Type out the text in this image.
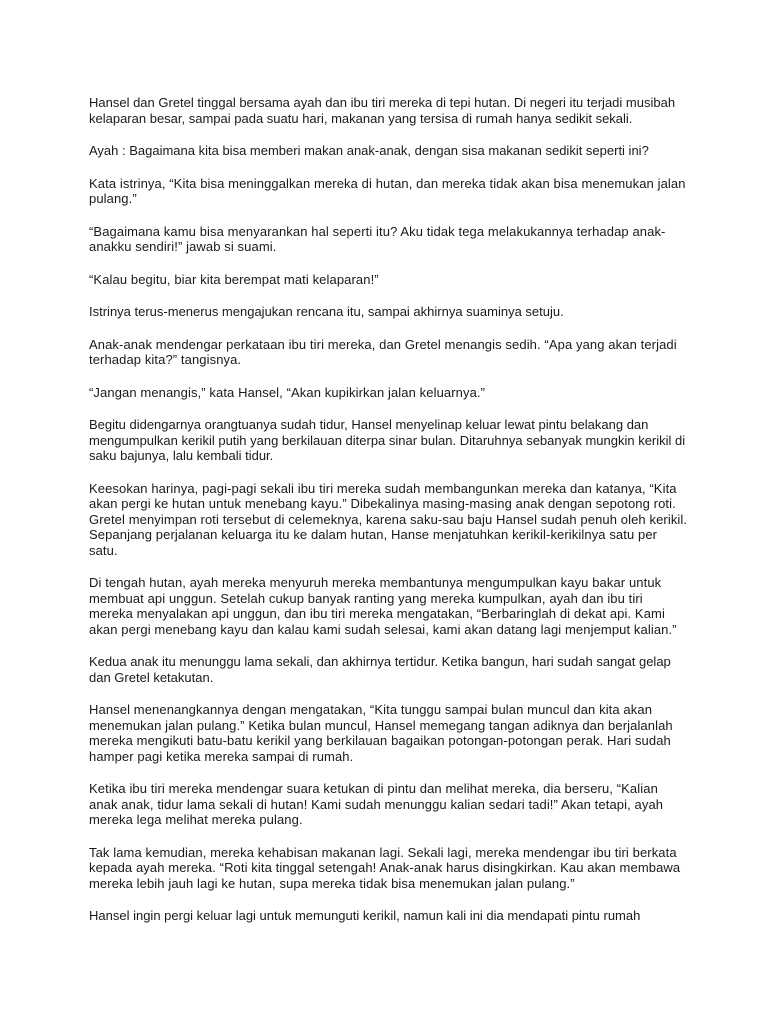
Hansel dan Gretel tinggal bersama ayah dan ibu tiri mereka di tepi hutan. Di negeri itu terjadi musibah kelaparan besar, sampai pada suatu hari, makanan yang tersisa di rumah hanya sedikit sekali.

Ayah : Bagaimana kita bisa memberi makan anak-anak, dengan sisa makanan sedikit seperti ini?

Kata istrinya, “Kita bisa meninggalkan mereka di hutan, dan mereka tidak akan bisa menemukan jalan pulang.”

“Bagaimana kamu bisa menyarankan hal seperti itu? Aku tidak tega melakukannya terhadap anak-anakku sendiri!” jawab si suami.

“Kalau begitu, biar kita berempat mati kelaparan!”

Istrinya terus-menerus mengajukan rencana itu, sampai akhirnya suaminya setuju.

Anak-anak mendengar perkataan ibu tiri mereka, dan Gretel menangis sedih. “Apa yang akan terjadi terhadap kita?” tangisnya.

“Jangan menangis,” kata Hansel, “Akan kupikirkan jalan keluarnya.”

Begitu didengarnya orangtuanya sudah tidur, Hansel menyelinap keluar lewat pintu belakang dan mengumpulkan kerikil putih yang berkilauan diterpa sinar bulan. Ditaruhnya sebanyak mungkin kerikil di saku bajunya, lalu kembali tidur.

Keesokan harinya, pagi-pagi sekali ibu tiri mereka sudah membangunkan mereka dan katanya, “Kita akan pergi ke hutan untuk menebang kayu.” Dibekalinya masing-masing anak dengan sepotong roti. Gretel menyimpan roti tersebut di celemeknya, karena saku-sau baju Hansel sudah penuh oleh kerikil. Sepanjang perjalanan keluarga itu ke dalam hutan, Hanse menjatuhkan kerikil-kerikilnya satu per satu.

Di tengah hutan, ayah mereka menyuruh mereka membantunya mengumpulkan kayu bakar untuk membuat api unggun. Setelah cukup banyak ranting yang mereka kumpulkan, ayah dan ibu tiri mereka menyalakan api unggun, dan ibu tiri mereka mengatakan, “Berbaringlah di dekat api. Kami akan pergi menebang kayu dan kalau kami sudah selesai, kami akan datang lagi menjemput kalian.”

Kedua anak itu menunggu lama sekali, dan akhirnya tertidur. Ketika bangun, hari sudah sangat gelap dan Gretel ketakutan.

Hansel menenangkannya dengan mengatakan, “Kita tunggu sampai bulan muncul dan kita akan menemukan jalan pulang.” Ketika bulan muncul, Hansel memegang tangan adiknya dan berjalanlah mereka mengikuti batu-batu kerikil yang berkilauan bagaikan potongan-potongan perak. Hari sudah hamper pagi ketika mereka sampai di rumah.

Ketika ibu tiri mereka mendengar suara ketukan di pintu dan melihat mereka, dia berseru, “Kalian anak anak, tidur lama sekali di hutan! Kami sudah menunggu kalian sedari tadi!” Akan tetapi, ayah mereka lega melihat mereka pulang.

Tak lama kemudian, mereka kehabisan makanan lagi. Sekali lagi, mereka mendengar ibu tiri berkata kepada ayah mereka. “Roti kita tinggal setengah! Anak-anak harus disingkirkan. Kau akan membawa mereka lebih jauh lagi ke hutan, supa mereka tidak bisa menemukan jalan pulang.”

Hansel ingin pergi keluar lagi untuk memunguti kerikil, namun kali ini dia mendapati pintu rumah
